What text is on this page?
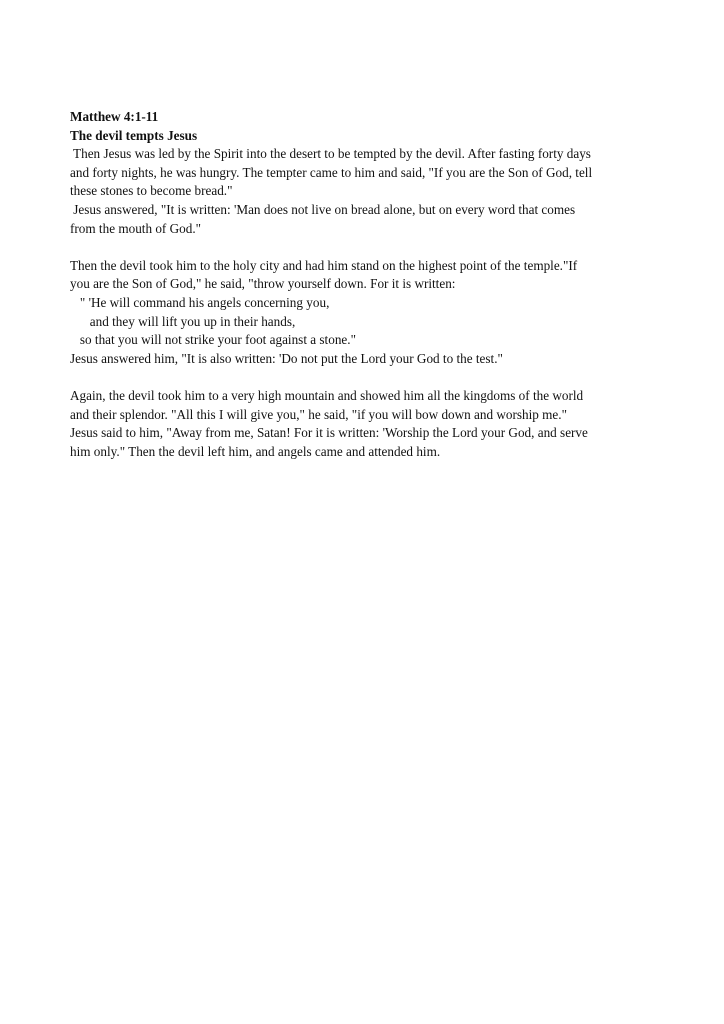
Matthew 4:1-11
The devil tempts Jesus
Then Jesus was led by the Spirit into the desert to be tempted by the devil. After fasting forty days
and forty nights, he was hungry. The tempter came to him and said, "If you are the Son of God, tell
these stones to become bread."
Jesus answered, "It is written: 'Man does not live on bread alone, but on every word that comes
from the mouth of God."
Then the devil took him to the holy city and had him stand on the highest point of the temple."If
you are the Son of God," he said, "throw yourself down. For it is written:
" 'He will command his angels concerning you,
and they will lift you up in their hands,
so that you will not strike your foot against a stone."
Jesus answered him, "It is also written: 'Do not put the Lord your God to the test."
Again, the devil took him to a very high mountain and showed him all the kingdoms of the world
and their splendor. "All this I will give you," he said, "if you will bow down and worship me."
Jesus said to him, "Away from me, Satan! For it is written: 'Worship the Lord your God, and serve
him only." Then the devil left him, and angels came and attended him.
